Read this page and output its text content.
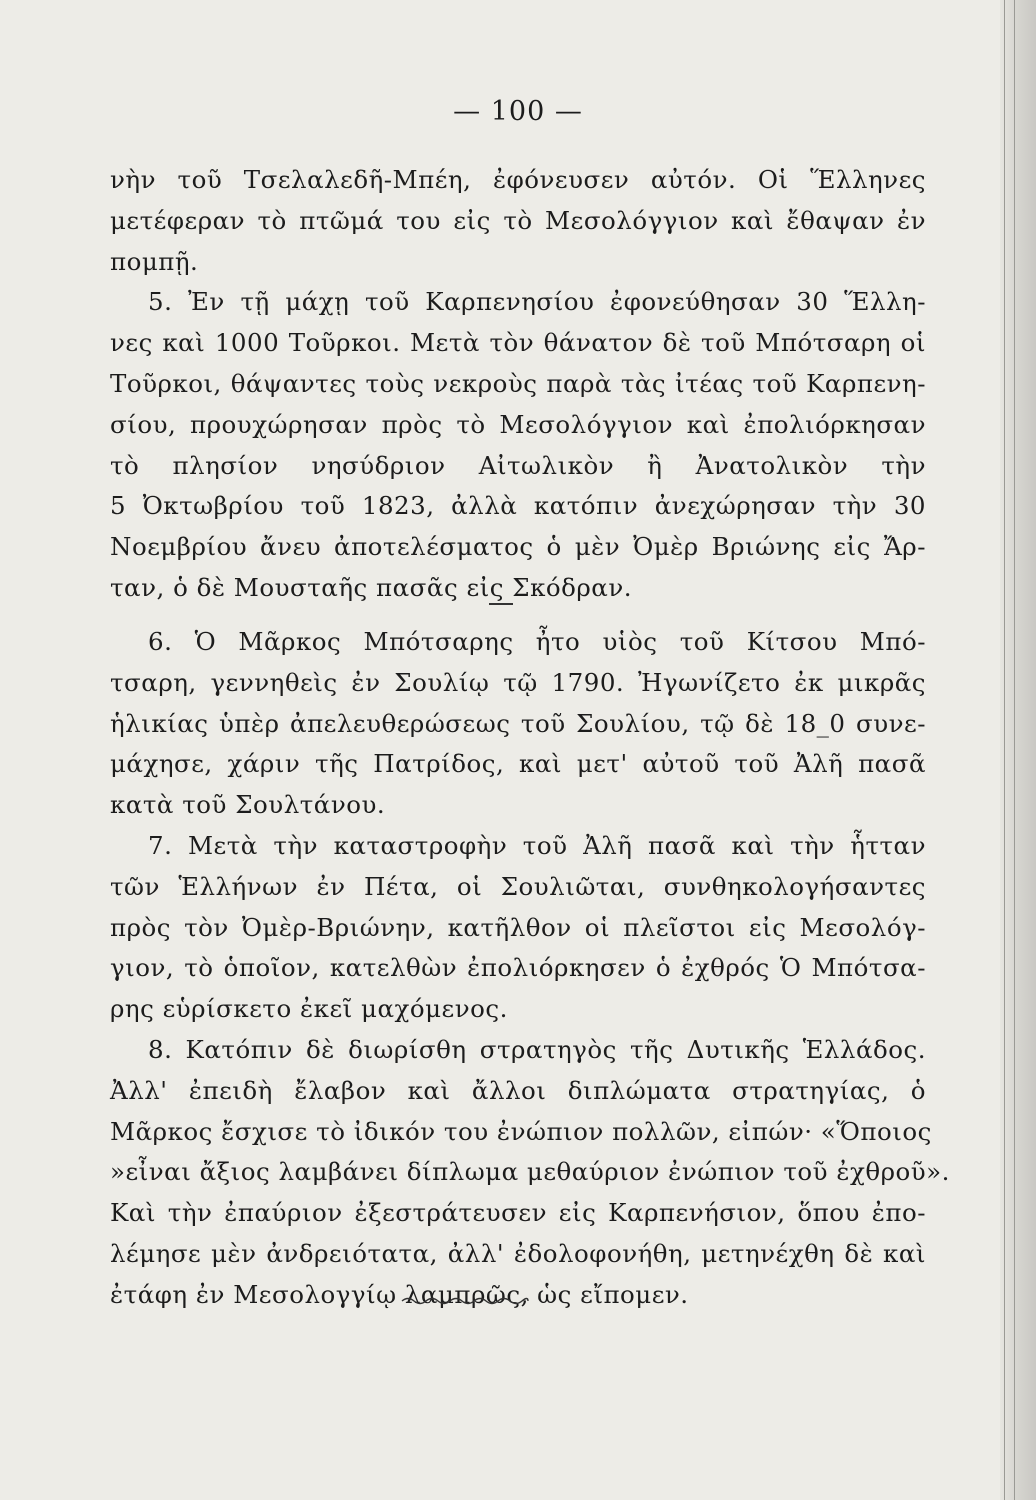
— 100 —
νὴν τοῦ Τσελαλεδῆ-Μπέη, ἐφόνευσεν αὐτόν. Οἱ Ἕλληνες
μετέφεραν τὸ πτῶμά του εἰς τὸ Μεσολόγγιον καὶ ἔθαψαν ἐν
πομπῇ.
5. Ἐν τῇ μάχῃ τοῦ Καρπενησίου ἐφονεύθησαν 30 Ἕλλη-
νες καὶ 1000 Τοῦρκοι. Μετὰ τὸν θάνατον δὲ τοῦ Μπότσαρη οἱ
Τοῦρκοι, θάψαντες τοὺς νεκροὺς παρὰ τὰς ἰτέας τοῦ Καρπενη-
σίου, προυχώρησαν πρὸς τὸ Μεσολόγγιον καὶ ἐπολιόρκησαν
τὸ πλησίον νησύδριον Αἰτωλικὸν ἢ Ἀνατολικὸν τὴν
5 Ὀκτωβρίου τοῦ 1823, ἀλλὰ κατόπιν ἀνεχώρησαν τὴν 30
Νοεμβρίου ἄνευ ἀποτελέσματος ὁ μὲν Ὀμὲρ Βριώνης εἰς Ἄρ-
ταν, ὁ δὲ Μουσταῆς πασᾶς εἰς Σκόδραν.
6. Ὁ Μᾶρκος Μπότσαρης ἦτο υἱὸς τοῦ Κίτσου Μπό-
τσαρη, γεννηθεὶς ἐν Σουλίῳ τῷ 1790. Ἠγωνίζετο ἐκ μικρᾶς
ἡλικίας ὑπὲρ ἀπελευθερώσεως τοῦ Σουλίου, τῷ δὲ 18_0 συνε-
μάχησε, χάριν τῆς Πατρίδος, καὶ μετ' αὐτοῦ τοῦ Ἀλῆ πασᾶ
κατὰ τοῦ Σουλτάνου.
7. Μετὰ τὴν καταστροφὴν τοῦ Ἀλῆ πασᾶ καὶ τὴν ἧτταν
τῶν Ἑλλήνων ἐν Πέτα, οἱ Σουλιῶται, συνθηκολογήσαντες
πρὸς τὸν Ὀμὲρ-Βριώνην, κατῆλθον οἱ πλεῖστοι εἰς Μεσολόγ-
γιον, τὸ ὁποῖον, κατελθὼν ἐπολιόρκησεν ὁ ἐχθρός Ὁ Μπότσα-
ρης εὑρίσκετο ἐκεῖ μαχόμενος.
8. Κατόπιν δὲ διωρίσθη στρατηγὸς τῆς Δυτικῆς Ἑλλάδος.
Ἀλλ' ἐπειδὴ ἔλαβον καὶ ἄλλοι διπλώματα στρατηγίας, ὁ
Μᾶρκος ἔσχισε τὸ ἰδικόν του ἐνώπιον πολλῶν, εἰπών· «Ὅποιος
»εἶναι ἄξιος λαμβάνει δίπλωμα μεθαύριον ἐνώπιον τοῦ ἐχθροῦ».
Καὶ τὴν ἐπαύριον ἐξεστράτευσεν εἰς Καρπενήσιον, ὅπου ἐπο-
λέμησε μὲν ἀνδρειότατα, ἀλλ' ἐδολοφονήθη, μετηνέχθη δὲ καὶ
ἐτάφη ἐν Μεσολογγίῳ λαμπρῶς, ὡς εἴπομεν.
